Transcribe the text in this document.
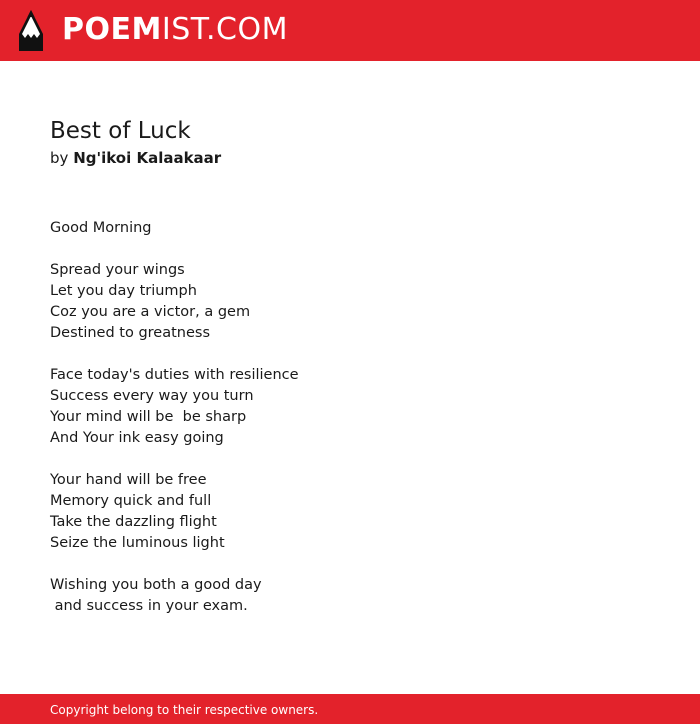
POEMIST.COM
Best of Luck
by Ng'ikoi Kalaakaar
Good Morning
Spread your wings
Let you day triumph
Coz you are a victor, a gem
Destined to greatness
Face today's duties with resilience
Success every way you turn
Your mind will be  be sharp
And Your ink easy going
Your hand will be free
Memory quick and full
Take the dazzling flight
Seize the luminous light
Wishing you both a good day
and success in your exam.
Copyright belong to their respective owners.
